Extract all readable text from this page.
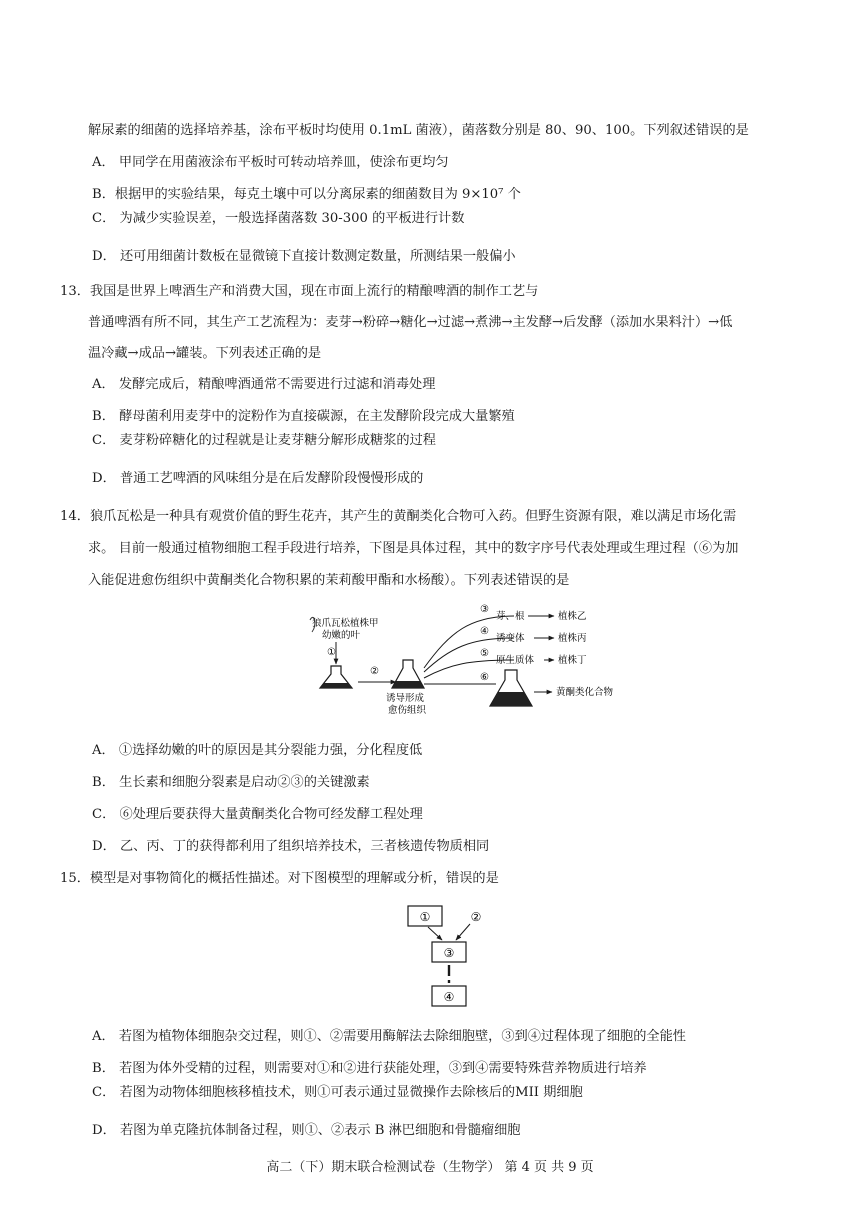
解尿素的细菌的选择培养基，涂布平板时均使用 0.1mL 菌液），菌落数分别是 80、90、100。下列叙述错误的是
A． 甲同学在用菌液涂布平板时可转动培养皿，使涂布更均匀
B．根据甲的实验结果，每克土壤中可以分离尿素的细菌数目为 9×10⁷ 个
C． 为减少实验误差，一般选择菌落数 30-300 的平板进行计数
D． 还可用细菌计数板在显微镜下直接计数测定数量，所测结果一般偏小
13．我国是世界上啤酒生产和消费大国，现在市面上流行的精酿啤酒的制作工艺与
普通啤酒有所不同，其生产工艺流程为：麦芽→粉碎→糖化→过滤→煮沸→主发酵→后发酵（添加水果料汁）→低
温冷藏→成品→罐装。下列表述正确的是
A． 发酵完成后，精酿啤酒通常不需要进行过滤和消毒处理
B． 酵母菌利用麦芽中的淀粉作为直接碳源，在主发酵阶段完成大量繁殖
C． 麦芽粉碎糖化的过程就是让麦芽糖分解形成糖浆的过程
D． 普通工艺啤酒的风味组分是在后发酵阶段慢慢形成的
14．狼爪瓦松是一种具有观赏价值的野生花卉，其产生的黄酮类化合物可入药。但野生资源有限，难以满足市场化需
求。 目前一般通过植物细胞工程手段进行培养，下图是具体过程，其中的数字序号代表处理或生理过程（⑥为加
入能促进愈伤组织中黄酮类化合物积累的茉莉酸甲酯和水杨酸）。下列表述错误的是
狼爪瓦松植株甲
幼嫩的叶
①
②
诱导形成
愈伤组织
③
④
⑤
⑥
芽、根
诱变体
原生质体
植株乙
植株丙
植株丁
黄酮类化合物
A． ①选择幼嫩的叶的原因是其分裂能力强，分化程度低
B． 生长素和细胞分裂素是启动②③的关键激素
C． ⑥处理后要获得大量黄酮类化合物可经发酵工程处理
D． 乙、丙、丁的获得都利用了组织培养技术，三者核遗传物质相同
15．模型是对事物简化的概括性描述。对下图模型的理解或分析，错误的是
①	②
③
④
A． 若图为植物体细胞杂交过程，则①、②需要用酶解法去除细胞壁，③到④过程体现了细胞的全能性
B． 若图为体外受精的过程，则需要对①和②进行获能处理，③到④需要特殊营养物质进行培养
C． 若图为动物体细胞核移植技术，则①可表示通过显微操作去除核后的MII 期细胞
D． 若图为单克隆抗体制备过程，则①、②表示 B 淋巴细胞和骨髓瘤细胞
高二（下）期末联合检测试卷（生物学） 第 4 页 共 9 页
